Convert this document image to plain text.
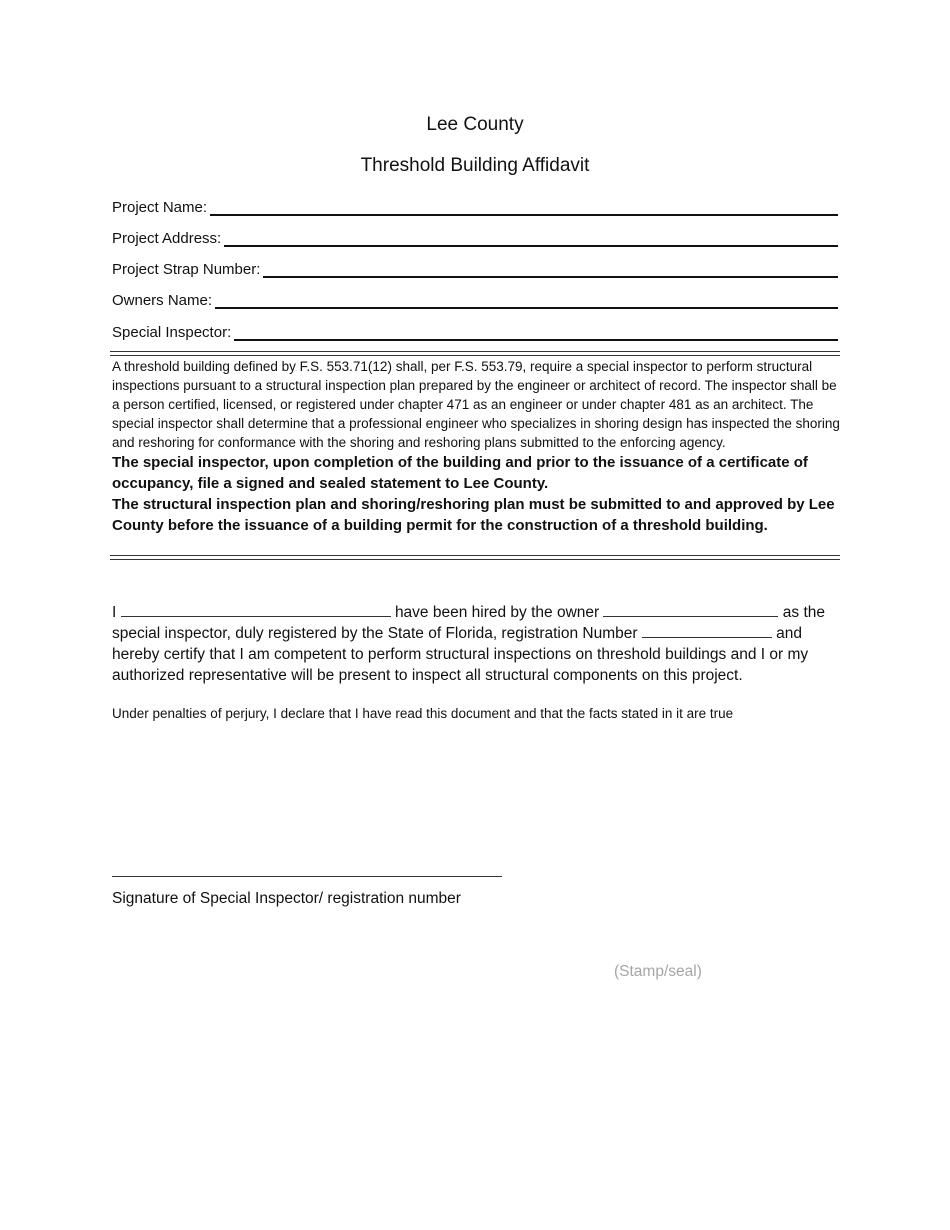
Lee County
Threshold Building Affidavit
Project Name:
Project Address:
Project Strap Number:
Owners Name:
Special Inspector:

A threshold building defined by F.S. 553.71(12) shall, per F.S. 553.79, require a special inspector to perform structural inspections pursuant to a structural inspection plan prepared by the engineer or architect of record. The inspector shall be a person certified, licensed, or registered under chapter 471 as an engineer or under chapter 481 as an architect. The special inspector shall determine that a professional engineer who specializes in shoring design has inspected the shoring and reshoring for conformance with the shoring and reshoring plans submitted to the enforcing agency.

The special inspector, upon completion of the building and prior to the issuance of a certificate of occupancy, file a signed and sealed statement to Lee County.

The structural inspection plan and shoring/reshoring plan must be submitted to and approved by Lee County before the issuance of a building permit for the construction of a threshold building.

I	have been hired by the owner	as the special inspector, duly registered by the State of Florida, registration Number	and hereby certify that I am competent to perform structural inspections on threshold buildings and I or my authorized representative will be present to inspect all structural components on this project.

Under penalties of perjury, I declare that I have read this document and that the facts stated in it are true
Signature of Special Inspector/ registration number
(Stamp/seal)
